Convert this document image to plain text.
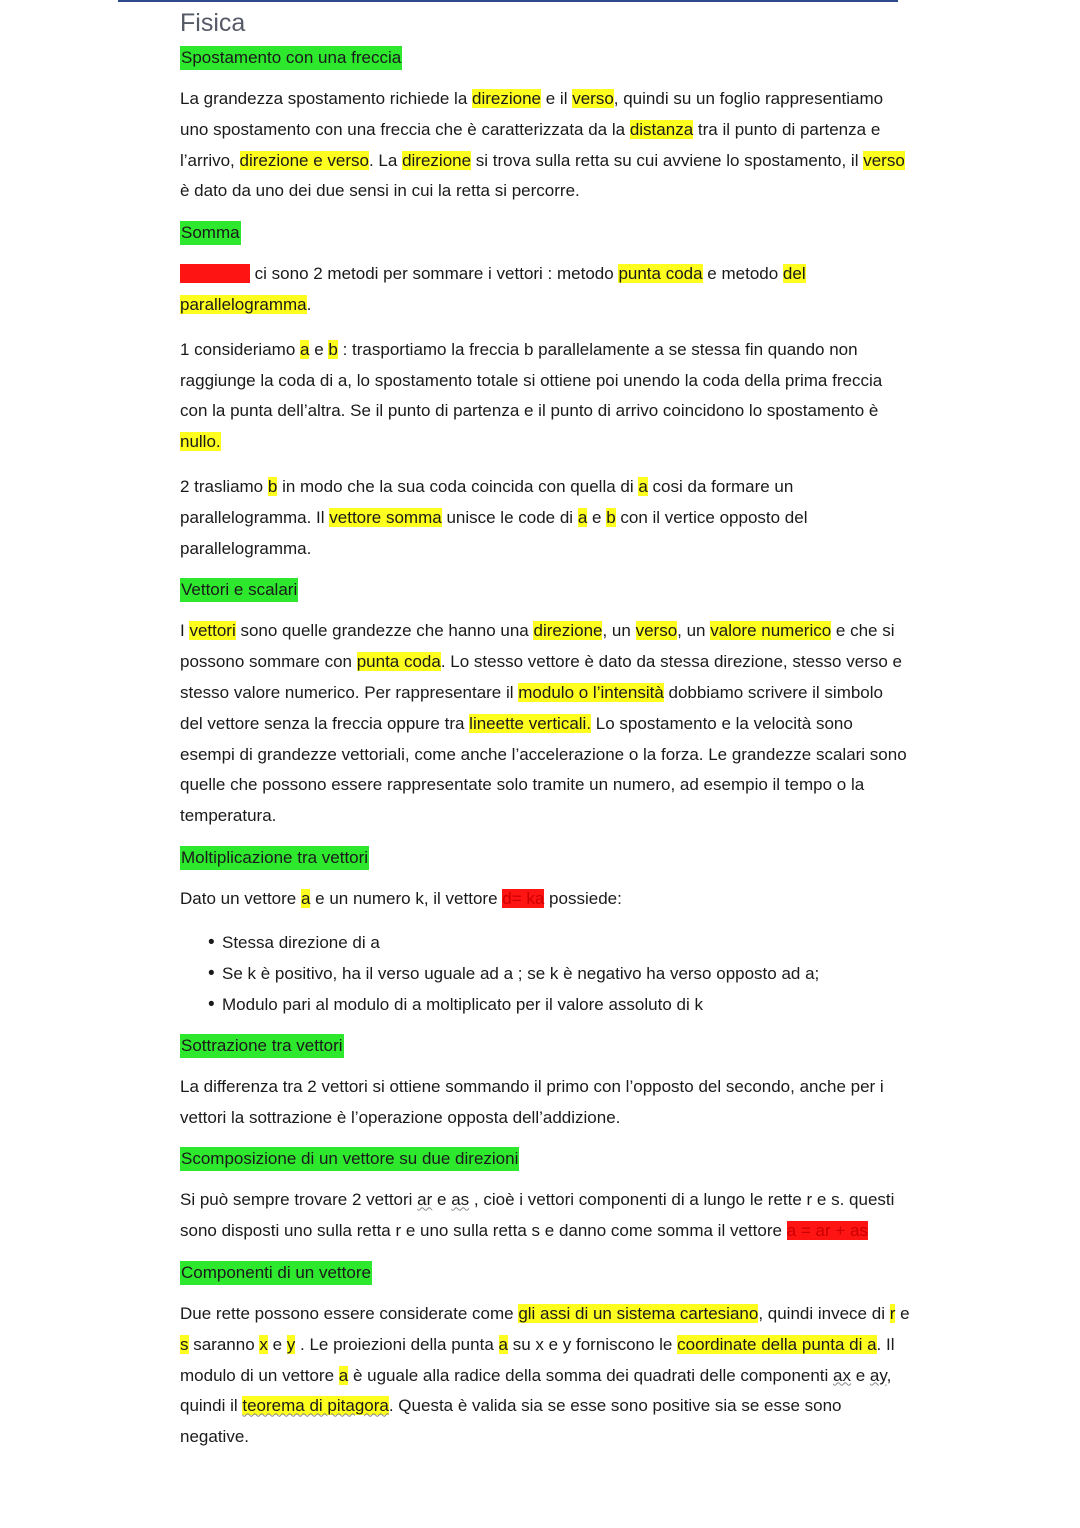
Fisica
Spostamento con una freccia

La grandezza spostamento richiede la direzione e il verso, quindi su un foglio rappresentiamo uno spostamento con una freccia che è caratterizzata da la distanza tra il punto di partenza e l’arrivo, direzione e verso. La direzione si trova sulla retta su cui avviene lo spostamento, il verso è dato da uno dei due sensi in cui la retta si percorre.

Somma

C = a + b ci sono 2 metodi per sommare i vettori : metodo punta coda e metodo del parallelogramma.

1 consideriamo a e b : trasportiamo la freccia b parallelamente a se stessa fin quando non raggiunge la coda di a, lo spostamento totale si ottiene poi unendo la coda della prima freccia con la punta dell’altra. Se il punto di partenza e il punto di arrivo coincidono lo spostamento è nullo.

2 trasliamo b in modo che la sua coda coincida con quella di a cosi da formare un parallelogramma. Il vettore somma unisce le code di a e b con il vertice opposto del parallelogramma.

Vettori e scalari

I vettori sono quelle grandezze che hanno una direzione, un verso, un valore numerico e che si possono sommare con punta coda. Lo stesso vettore è dato da stessa direzione, stesso verso e stesso valore numerico. Per rappresentare il modulo o l’intensità dobbiamo scrivere il simbolo del vettore senza la freccia oppure tra lineette verticali. Lo spostamento e la velocità sono esempi di grandezze vettoriali, come anche l’accelerazione o la forza. Le grandezze scalari sono quelle che possono essere rappresentate solo tramite un numero, ad esempio il tempo o la temperatura.

Moltiplicazione tra vettori

Dato un vettore a e un numero k, il vettore d= ka possiede:

• Stessa direzione di a
• Se k è positivo, ha il verso uguale ad a ; se k è negativo ha verso opposto ad a;
• Modulo pari al modulo di a moltiplicato per il valore assoluto di k
Sottrazione tra vettori

La differenza tra 2 vettori si ottiene sommando il primo con l’opposto del secondo, anche per i vettori la sottrazione è l’operazione opposta dell’addizione.

Scomposizione di un vettore su due direzioni

Si può sempre trovare 2 vettori ar e as , cioè i vettori componenti di a lungo le rette r e s. questi sono disposti uno sulla retta r e uno sulla retta s e danno come somma il vettore a = ar + as

Componenti di un vettore

Due rette possono essere considerate come gli assi di un sistema cartesiano, quindi invece di r e s saranno x e y . Le proiezioni della punta a su x e y forniscono le coordinate della punta di a. Il modulo di un vettore a è uguale alla radice della somma dei quadrati delle componenti ax e ay, quindi il teorema di pitagora. Questa è valida sia se esse sono positive sia se esse sono negative.
